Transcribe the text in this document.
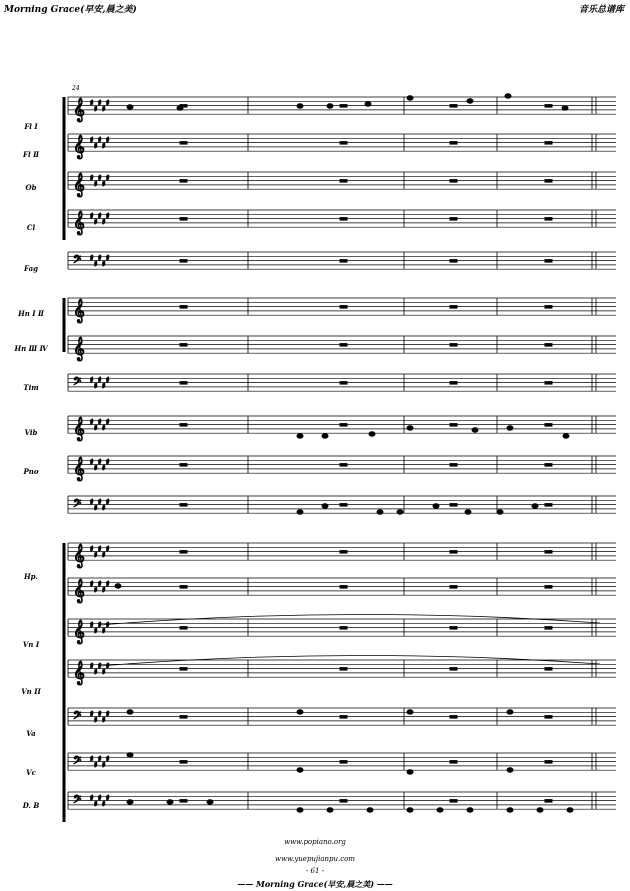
Morning Grace(早安,晨之美)	音乐总谱库
𝄞 ♯
♯
♯
♯
♯
𝄞 ♯
♯
♯
♯
♯
𝄞 ♯
♯
♯
♯
♯
𝄞 ♯
♯
♯
♯
♯
𝄢 ♯
♯
♯
♯
♯
𝄞
𝄞
𝄢 ♯
♯
♯
♯
♯
𝄞 ♯
♯
♯
♯
♯
𝄞 ♯
♯
♯
♯
♯
𝄢 ♯
♯
♯
♯
♯
𝄞 ♯
♯
♯
♯
♯
𝄞 ♯
♯
♯
♯
♯
𝄞 ♯
♯
♯
♯
♯
𝄞 ♯
♯
♯
♯
♯
𝄢 ♯
♯
♯
♯
♯
𝄢 ♯
♯
♯
♯
♯
𝄢 ♯
♯
♯
♯
♯
24
Fl Ⅰ
Fl Ⅱ
Ob
Cl
Fag
Hn Ⅰ Ⅱ
Hn Ⅲ Ⅳ
Tim
Vib
Pno
Hp.
Vn I
Vn II
Va
Vc
D. B
www.popiano.org
www.yuepujianpu.com
- 61 -
—— Morning Grace(早安,晨之美) ——
